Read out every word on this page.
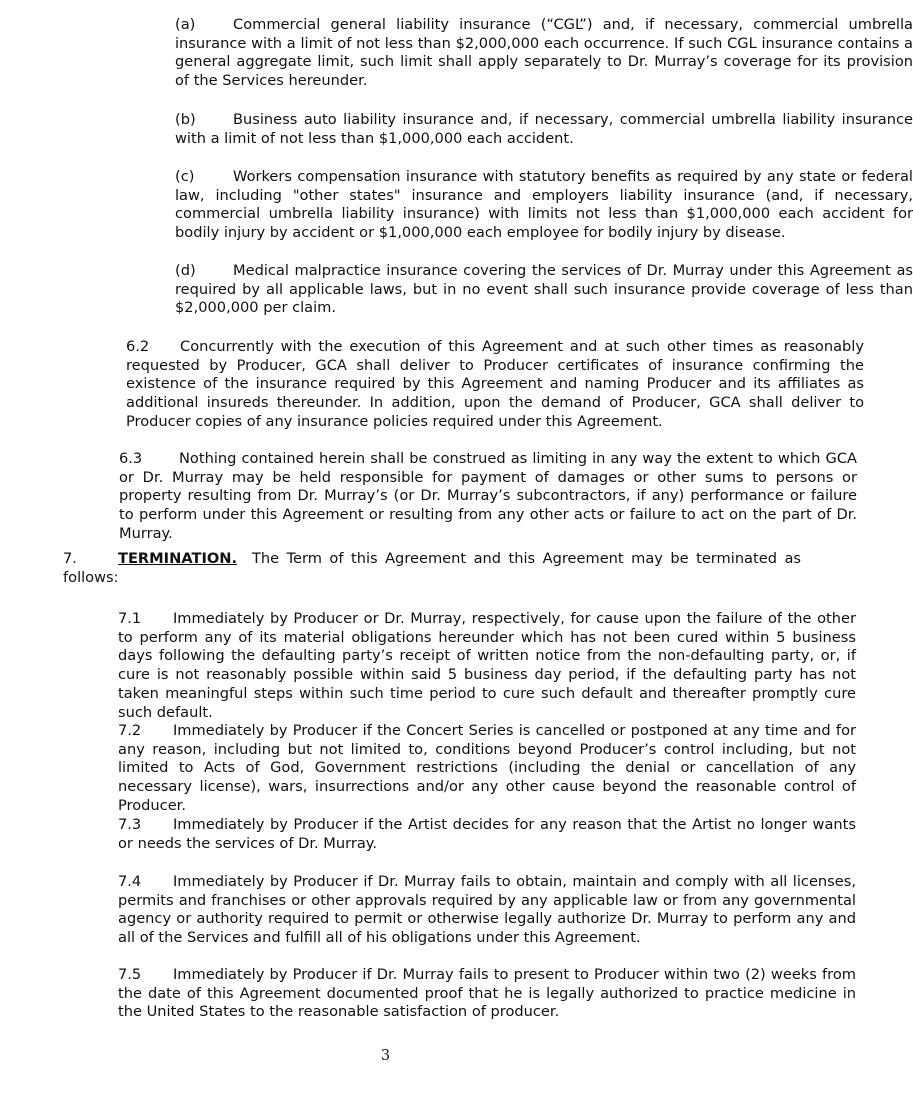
(a)	Commercial general liability insurance (“CGL”) and, if necessary, commercial umbrella insurance with a limit of not less than $2,000,000 each occurrence. If such CGL insurance contains a general aggregate limit, such limit shall apply separately to Dr. Murray’s coverage for its provision of the Services hereunder.

(b)	Business auto liability insurance and, if necessary, commercial umbrella liability insurance with a limit of not less than $1,000,000 each accident.

(c)	Workers compensation insurance with statutory benefits as required by any state or federal law, including "other states" insurance and employers liability insurance (and, if necessary, commercial umbrella liability insurance) with limits not less than $1,000,000 each accident for bodily injury by accident or $1,000,000 each employee for bodily injury by disease.

(d)	Medical malpractice insurance covering the services of Dr. Murray under this Agreement as required by all applicable laws, but in no event shall such insurance provide coverage of less than $2,000,000 per claim.

6.2 Concurrently with the execution of this Agreement and at such other times as reasonably requested by Producer, GCA shall deliver to Producer certificates of insurance confirming the existence of the insurance required by this Agreement and naming Producer and its affiliates as additional insureds thereunder. In addition, upon the demand of Producer, GCA shall deliver to Producer copies of any insurance policies required under this Agreement.

6.3	Nothing contained herein shall be construed as limiting in any way the extent to which GCA or Dr. Murray may be held responsible for payment of damages or other sums to persons or property resulting from Dr. Murray’s (or Dr. Murray’s subcontractors, if any) performance or failure to perform under this Agreement or resulting from any other acts or failure to act on the part of Dr. Murray.

7.	TERMINATION. The Term of this Agreement and this Agreement may be terminated as follows:

7.1 Immediately by Producer or Dr. Murray, respectively, for cause upon the failure of the other to perform any of its material obligations hereunder which has not been cured within 5 business days following the defaulting party’s receipt of written notice from the non-defaulting party, or, if cure is not reasonably possible within said 5 business day period, if the defaulting party has not taken meaningful steps within such time period to cure such default and thereafter promptly cure such default.

7.2 Immediately by Producer if the Concert Series is cancelled or postponed at any time and for any reason, including but not limited to, conditions beyond Producer’s control including, but not limited to Acts of God, Government restrictions (including the denial or cancellation of any necessary license), wars, insurrections and/or any other cause beyond the reasonable control of Producer.

7.3 Immediately by Producer if the Artist decides for any reason that the Artist no longer wants or needs the services of Dr. Murray.

7.4 Immediately by Producer if Dr. Murray fails to obtain, maintain and comply with all licenses, permits and franchises or other approvals required by any applicable law or from any governmental agency or authority required to permit or otherwise legally authorize Dr. Murray to perform any and all of the Services and fulfill all of his obligations under this Agreement.

7.5 Immediately by Producer if Dr. Murray fails to present to Producer within two (2) weeks from the date of this Agreement documented proof that he is legally authorized to practice medicine in the United States to the reasonable satisfaction of producer.

3
